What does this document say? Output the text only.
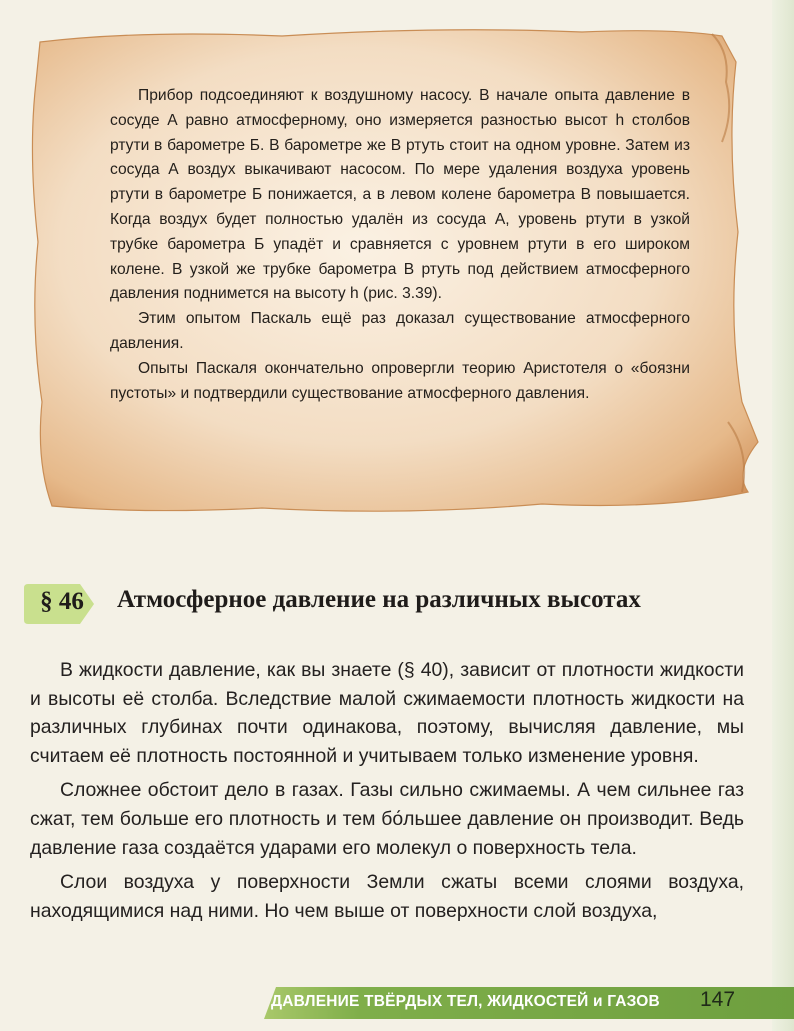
Прибор подсоединяют к воздушному насосу. В начале опыта давление в сосуде А равно атмосферному, оно измеряется разностью высот h столбов ртути в барометре Б. В барометре же В ртуть стоит на одном уровне. Затем из сосуда А воздух выкачивают насосом. По мере удаления воздуха уровень ртути в барометре Б понижается, а в левом колене барометра В повышается. Когда воздух будет полностью удалён из сосуда А, уровень ртути в узкой трубке барометра Б упадёт и сравняется с уровнем ртути в его широком колене. В узкой же трубке барометра В ртуть под действием атмосферного давления поднимется на высоту h (рис. 3.39).

Этим опытом Паскаль ещё раз доказал существование атмосферного давления.

Опыты Паскаля окончательно опровергли теорию Аристотеля о «боязни пустоты» и подтвердили существование атмосферного давления.

§ 46	Атмосферное давление на различных высотах

В жидкости давление, как вы знаете (§ 40), зависит от плотности жидкости и высоты её столба. Вследствие малой сжимаемости плотность жидкости на различных глубинах почти одинакова, поэтому, вычисляя давление, мы считаем её плотность постоянной и учитываем только изменение уровня.

Сложнее обстоит дело в газах. Газы сильно сжимаемы. А чем сильнее газ сжат, тем больше его плотность и тем бо́льшее давление он производит. Ведь давление газа создаётся ударами его молекул о поверхность тела.

Слои воздуха у поверхности Земли сжаты всеми слоями воздуха, находящимися над ними. Но чем выше от поверхности слой воздуха,

ДАВЛЕНИЕ ТВЁРДЫХ ТЕЛ, ЖИДКОСТЕЙ и ГАЗОВ 147
